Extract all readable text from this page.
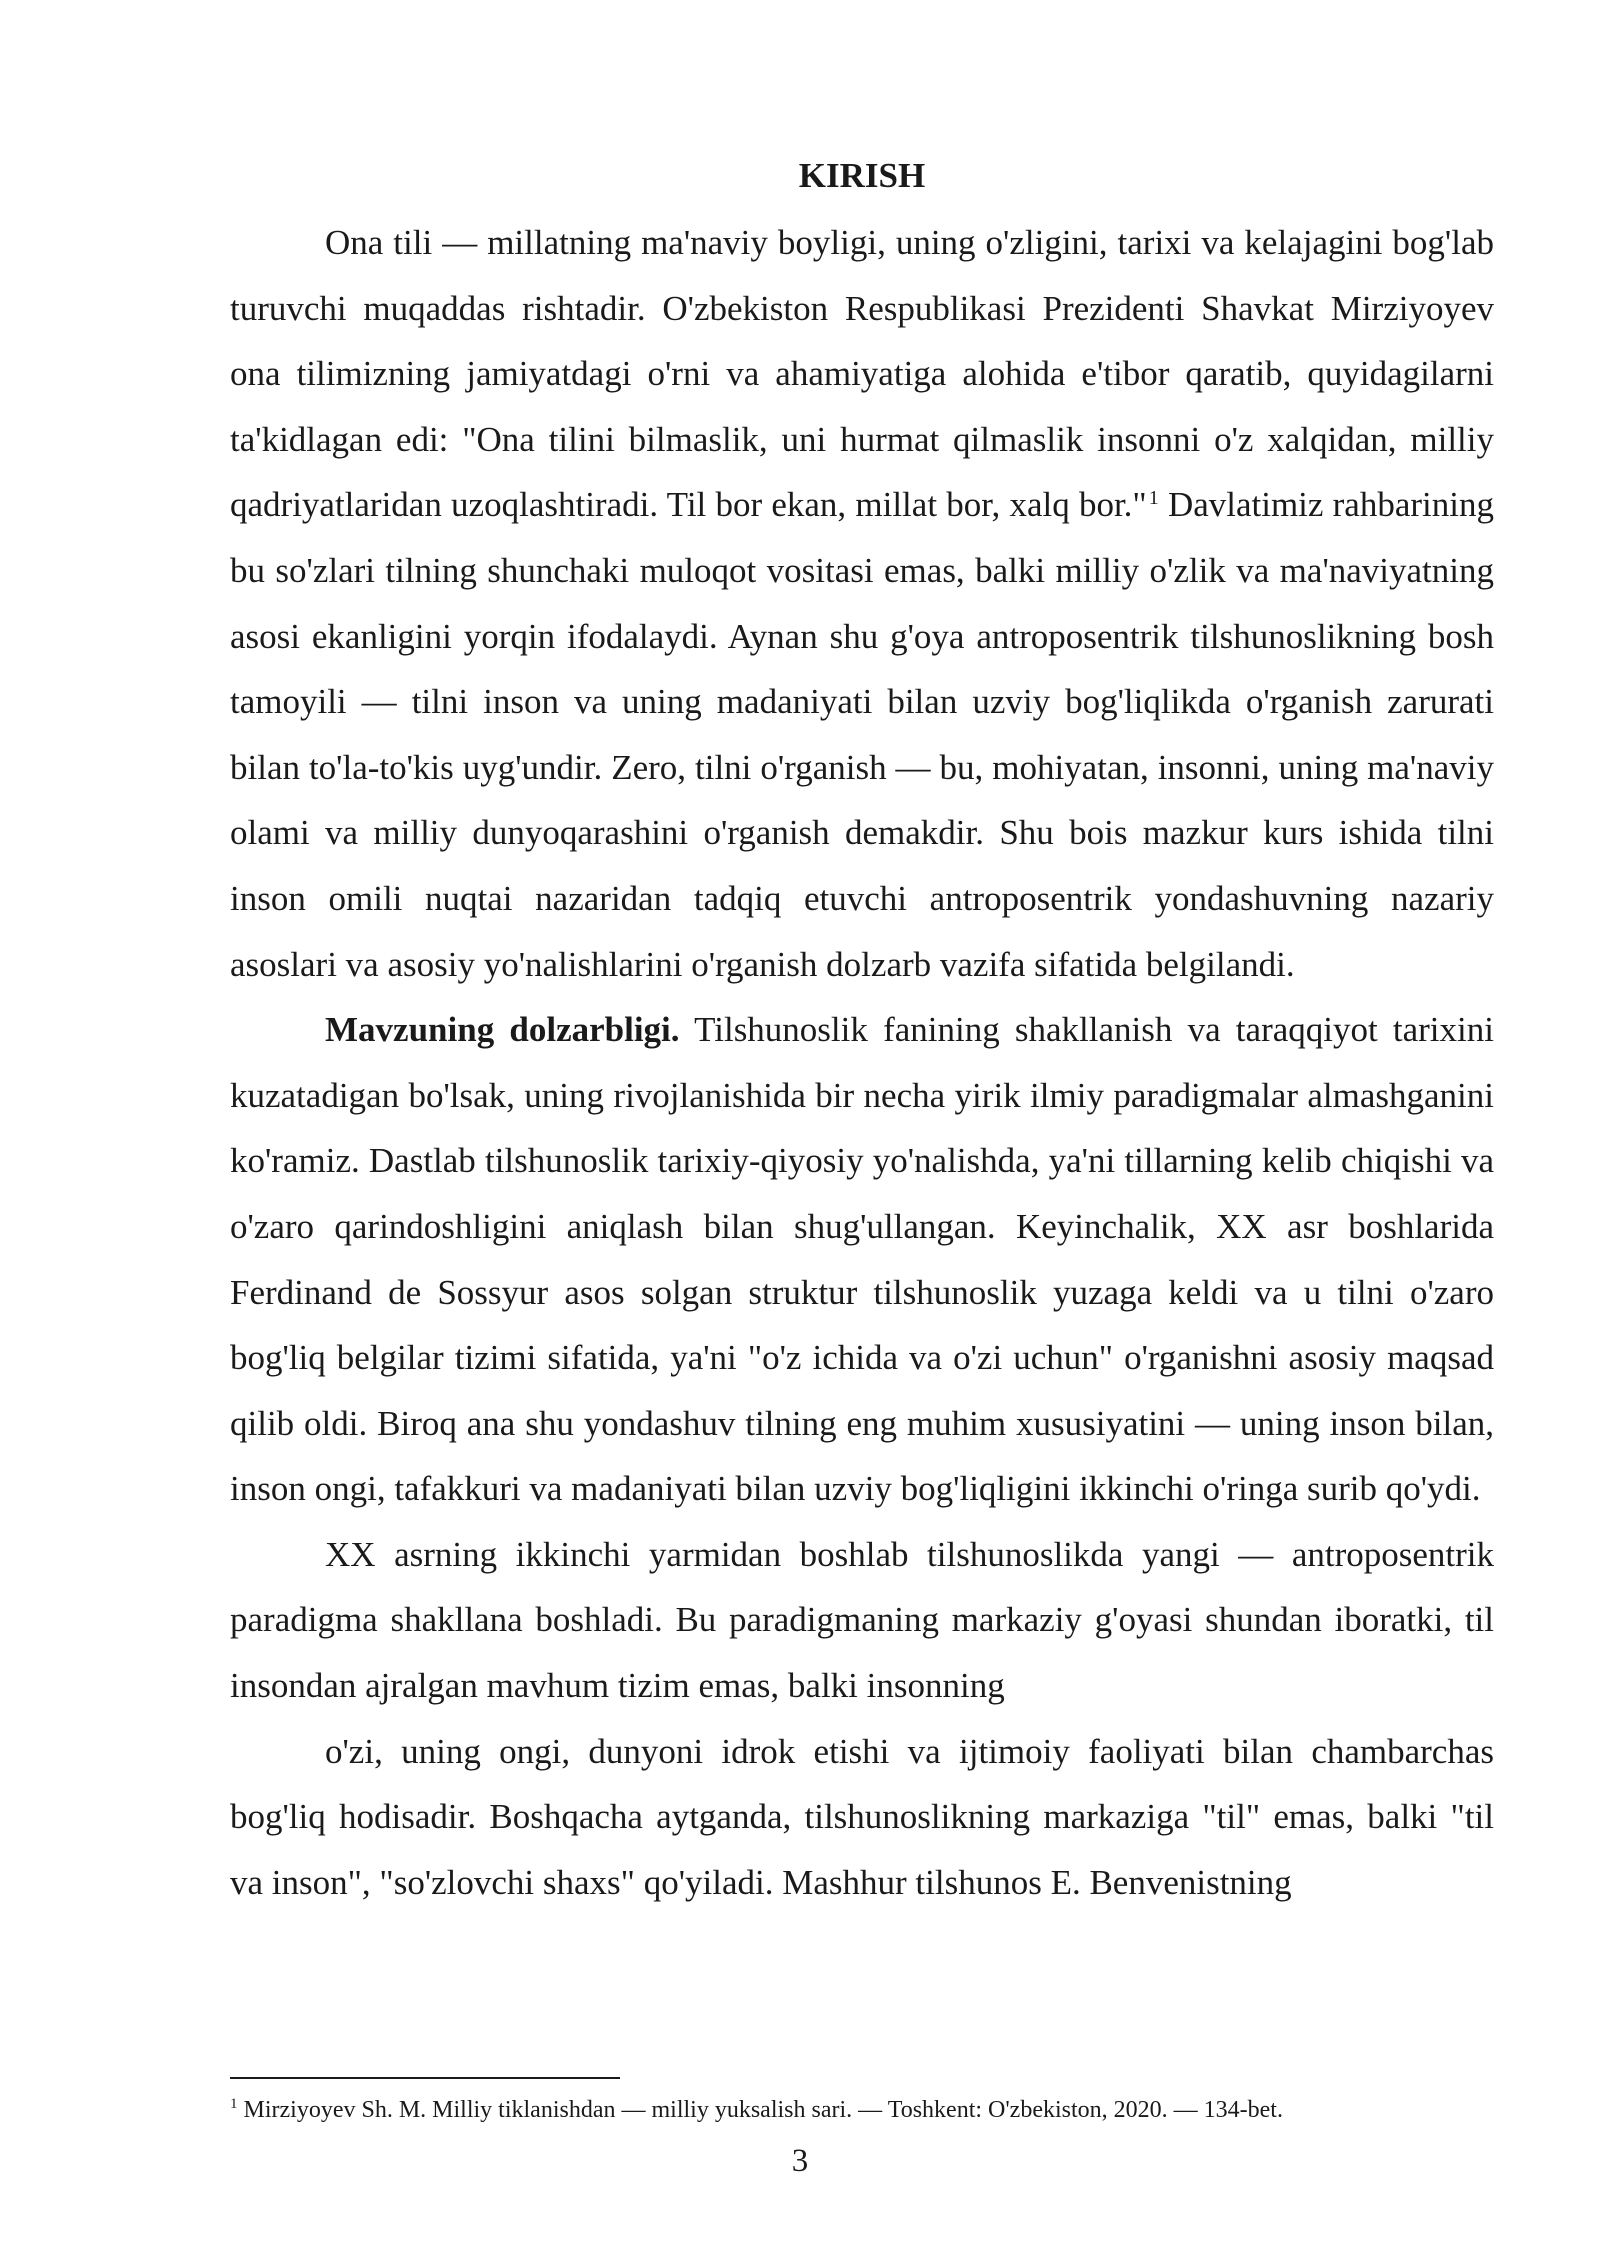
KIRISH

Ona tili — millatning ma'naviy boyligi, uning o'zligini, tarixi va kelajagini bog'lab turuvchi muqaddas rishtadir. O'zbekiston Respublikasi Prezidenti Shavkat Mirziyoyev ona tilimizning jamiyatdagi o'rni va ahamiyatiga alohida e'tibor qaratib, quyidagilarni ta'kidlagan edi: "Ona tilini bilmaslik, uni hurmat qilmaslik insonni o'z xalqidan, milliy qadriyatlaridan uzoqlashtiradi. Til bor ekan, millat bor, xalq bor." $^1$ Davlatimiz rahbarining bu so'zlari tilning shunchaki muloqot vositasi emas, balki milliy o'zlik va ma'naviyatning asosi ekanligini yorqin ifodalaydi. Aynan shu g'oya antroposentrik tilshunoslikning bosh tamoyili — tilni inson va uning madaniyati bilan uzviy bog'liqlikda o'rganish zarurati bilan to'la-to'kis uyg'undir. Zero, tilni o'rganish — bu, mohiyatan, insonni, uning ma'naviy olami va milliy dunyoqarashini o'rganish demakdir. Shu bois mazkur kurs ishida tilni inson omili nuqtai nazaridan tadqiq etuvchi antroposentrik yondashuvning nazariy asoslari va asosiy yo'nalishlarini o'rganish dolzarb vazifa sifatida belgilandi.

Mavzuning dolzarbligi. Tilshunoslik fanining shakllanish va taraqqiyot tarixini kuzatadigan bo'lsak, uning rivojlanishida bir necha yirik ilmiy paradigmalar almashganini ko'ramiz. Dastlab tilshunoslik tarixiy-qiyosiy yo'nalishda, ya'ni tillarning kelib chiqishi va o'zaro qarindoshligini aniqlash bilan shug'ullangan. Keyinchalik, XX asr boshlarida Ferdinand de Sossyur asos solgan struktur tilshunoslik yuzaga keldi va u tilni o'zaro bog'liq belgilar tizimi sifatida, ya'ni "o'z ichida va o'zi uchun" o'rganishni asosiy maqsad qilib oldi. Biroq ana shu yondashuv tilning eng muhim xususiyatini — uning inson bilan, inson ongi, tafakkuri va madaniyati bilan uzviy bog'liqligini ikkinchi o'ringa surib qo'ydi.

XX asrning ikkinchi yarmidan boshlab tilshunoslikda yangi — antroposentrik paradigma shakllana boshladi. Bu paradigmaning markaziy g'oyasi shundan iboratki, til insondan ajralgan mavhum tizim emas, balki insonning

o'zi, uning ongi, dunyoni idrok etishi va ijtimoiy faoliyati bilan chambarchas bog'liq hodisadir. Boshqacha aytganda, tilshunoslikning markaziga "til" emas, balki "til va inson", "so'zlovchi shaxs" qo'yiladi. Mashhur tilshunos E. Benvenistning

$^1$ Mirziyoyev Sh. M. Milliy tiklanishdan — milliy yuksalish sari. — Toshkent: O'zbekiston, 2020. — 134-bet.

3
